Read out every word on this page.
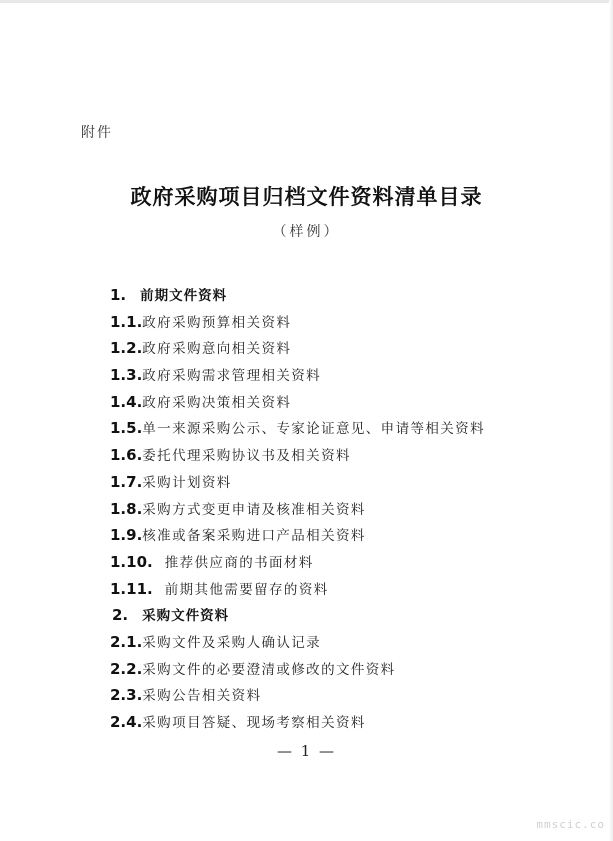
附件
政府采购项目归档文件资料清单目录
（样例）
1. 前期文件资料
1.1. 政府采购预算相关资料
1.2. 政府采购意向相关资料
1.3. 政府采购需求管理相关资料
1.4. 政府采购决策相关资料
1.5. 单一来源采购公示、专家论证意见、申请等相关资料
1.6. 委托代理采购协议书及相关资料
1.7. 采购计划资料
1.8. 采购方式变更申请及核准相关资料
1.9. 核准或备案采购进口产品相关资料
1.10. 推荐供应商的书面材料
1.11. 前期其他需要留存的资料
2. 采购文件资料
2.1. 采购文件及采购人确认记录
2.2. 采购文件的必要澄清或修改的文件资料
2.3. 采购公告相关资料
2.4. 采购项目答疑、现场考察相关资料
— 1 —
mmscic.co
